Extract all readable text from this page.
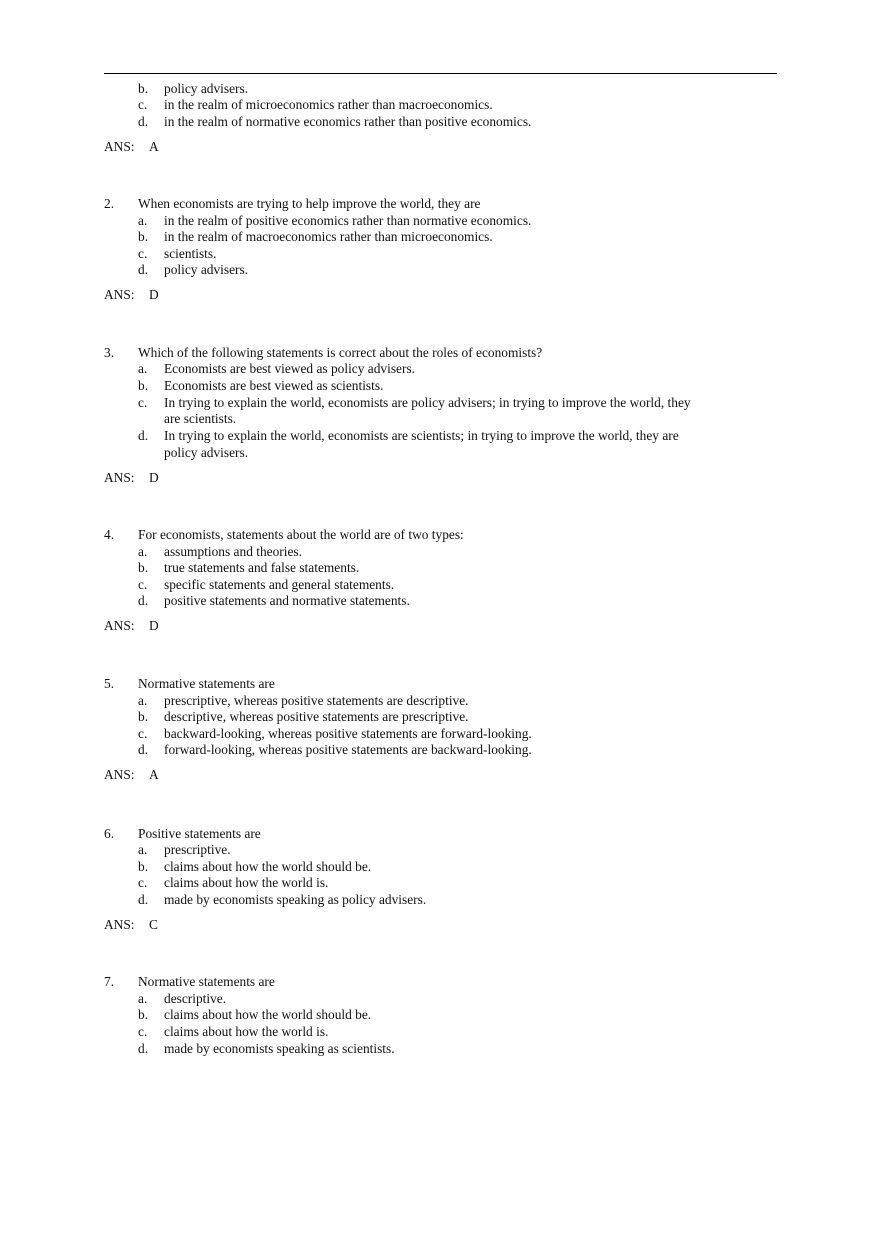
b. policy advisers.
c. in the realm of microeconomics rather than macroeconomics.
d. in the realm of normative economics rather than positive economics.
ANS: A
2. When economists are trying to help improve the world, they are
a. in the realm of positive economics rather than normative economics.
b. in the realm of macroeconomics rather than microeconomics.
c. scientists.
d. policy advisers.
ANS: D
3. Which of the following statements is correct about the roles of economists?
a. Economists are best viewed as policy advisers.
b. Economists are best viewed as scientists.
c. In trying to explain the world, economists are policy advisers; in trying to improve the world, they
are scientists.
d. In trying to explain the world, economists are scientists; in trying to improve the world, they are
policy advisers.
ANS: D
4. For economists, statements about the world are of two types:
a. assumptions and theories.
b. true statements and false statements.
c. specific statements and general statements.
d. positive statements and normative statements.
ANS: D
5. Normative statements are
a. prescriptive, whereas positive statements are descriptive.
b. descriptive, whereas positive statements are prescriptive.
c. backward-looking, whereas positive statements are forward-looking.
d. forward-looking, whereas positive statements are backward-looking.
ANS: A
6. Positive statements are
a. prescriptive.
b. claims about how the world should be.
c. claims about how the world is.
d. made by economists speaking as policy advisers.
ANS: C
7. Normative statements are
a. descriptive.
b. claims about how the world should be.
c. claims about how the world is.
d. made by economists speaking as scientists.
